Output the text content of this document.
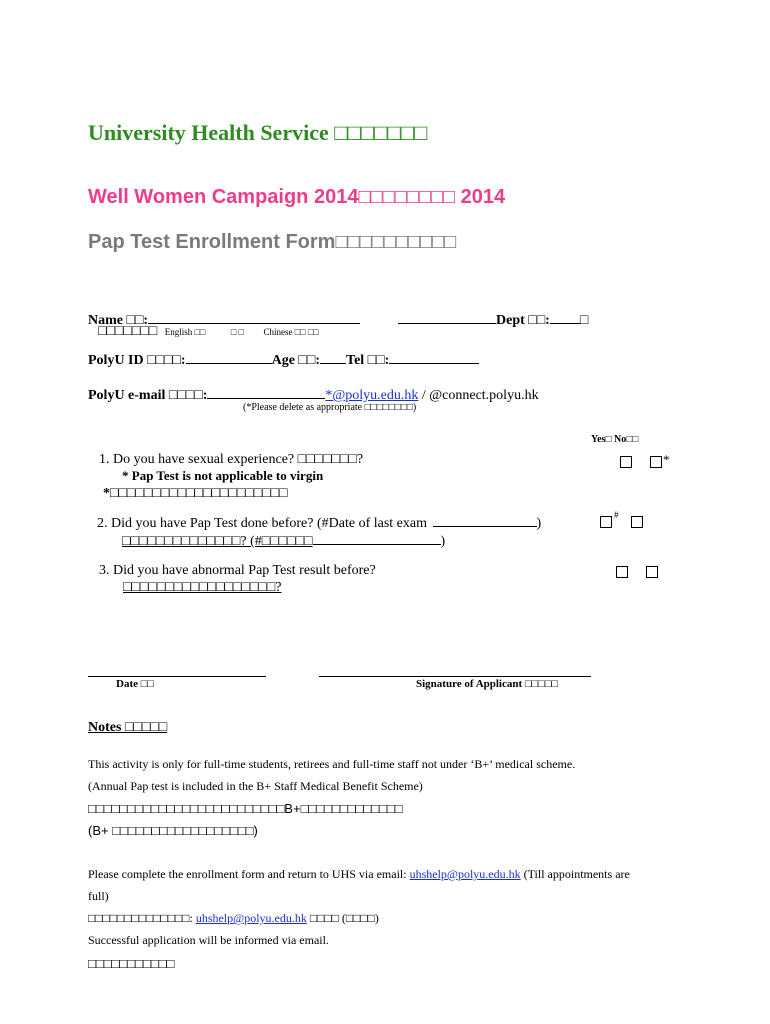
University Health Service □□□□□□□
Well Women Campaign 2014□□□□□□□□ 2014
Pap Test Enrollment Form□□□□□□□□□□
Name □□:	Dept □□: □
□□□□□□□ English □□	□ □ Chinese □□ □□
PolyU ID □□□□:	Age □□: Tel □□:
PolyU e-mail □□□□:	*@polyu.edu.hk / @connect.polyu.hk
(*Please delete as appropriate □□□□□□□□)
Yes□ No□□
1. Do you have sexual experience? □□□□□□□?	*
* Pap Test is not applicable to virgin
*□□□□□□□□□□□□□□□□□□□□□
2. Did you have Pap Test done before? (#Date of last exam	)
#
□□□□□□□□□□□□□□? (#□□□□□□	)
3. Did you have abnormal Pap Test result before?
□□□□□□□□□□□□□□□□□□?
Date □□	Signature of Applicant □□□□□
Notes □□□□□
This activity is only for full-time students, retirees and full-time staff not under ‘B+’ medical scheme.
(Annual Pap test is included in the B+ Staff Medical Benefit Scheme)
□□□□□□□□□□□□□□□□□□□□□□□□□B+□□□□□□□□□□□□□
(B+ □□□□□□□□□□□□□□□□□□)
Please complete the enrollment form and return to UHS via email: uhshelp@polyu.edu.hk (Till appointments are
full)
□□□□□□□□□□□□□□: uhshelp@polyu.edu.hk □□□□ (□□□□)
Successful application will be informed via email.
□□□□□□□□□□□
